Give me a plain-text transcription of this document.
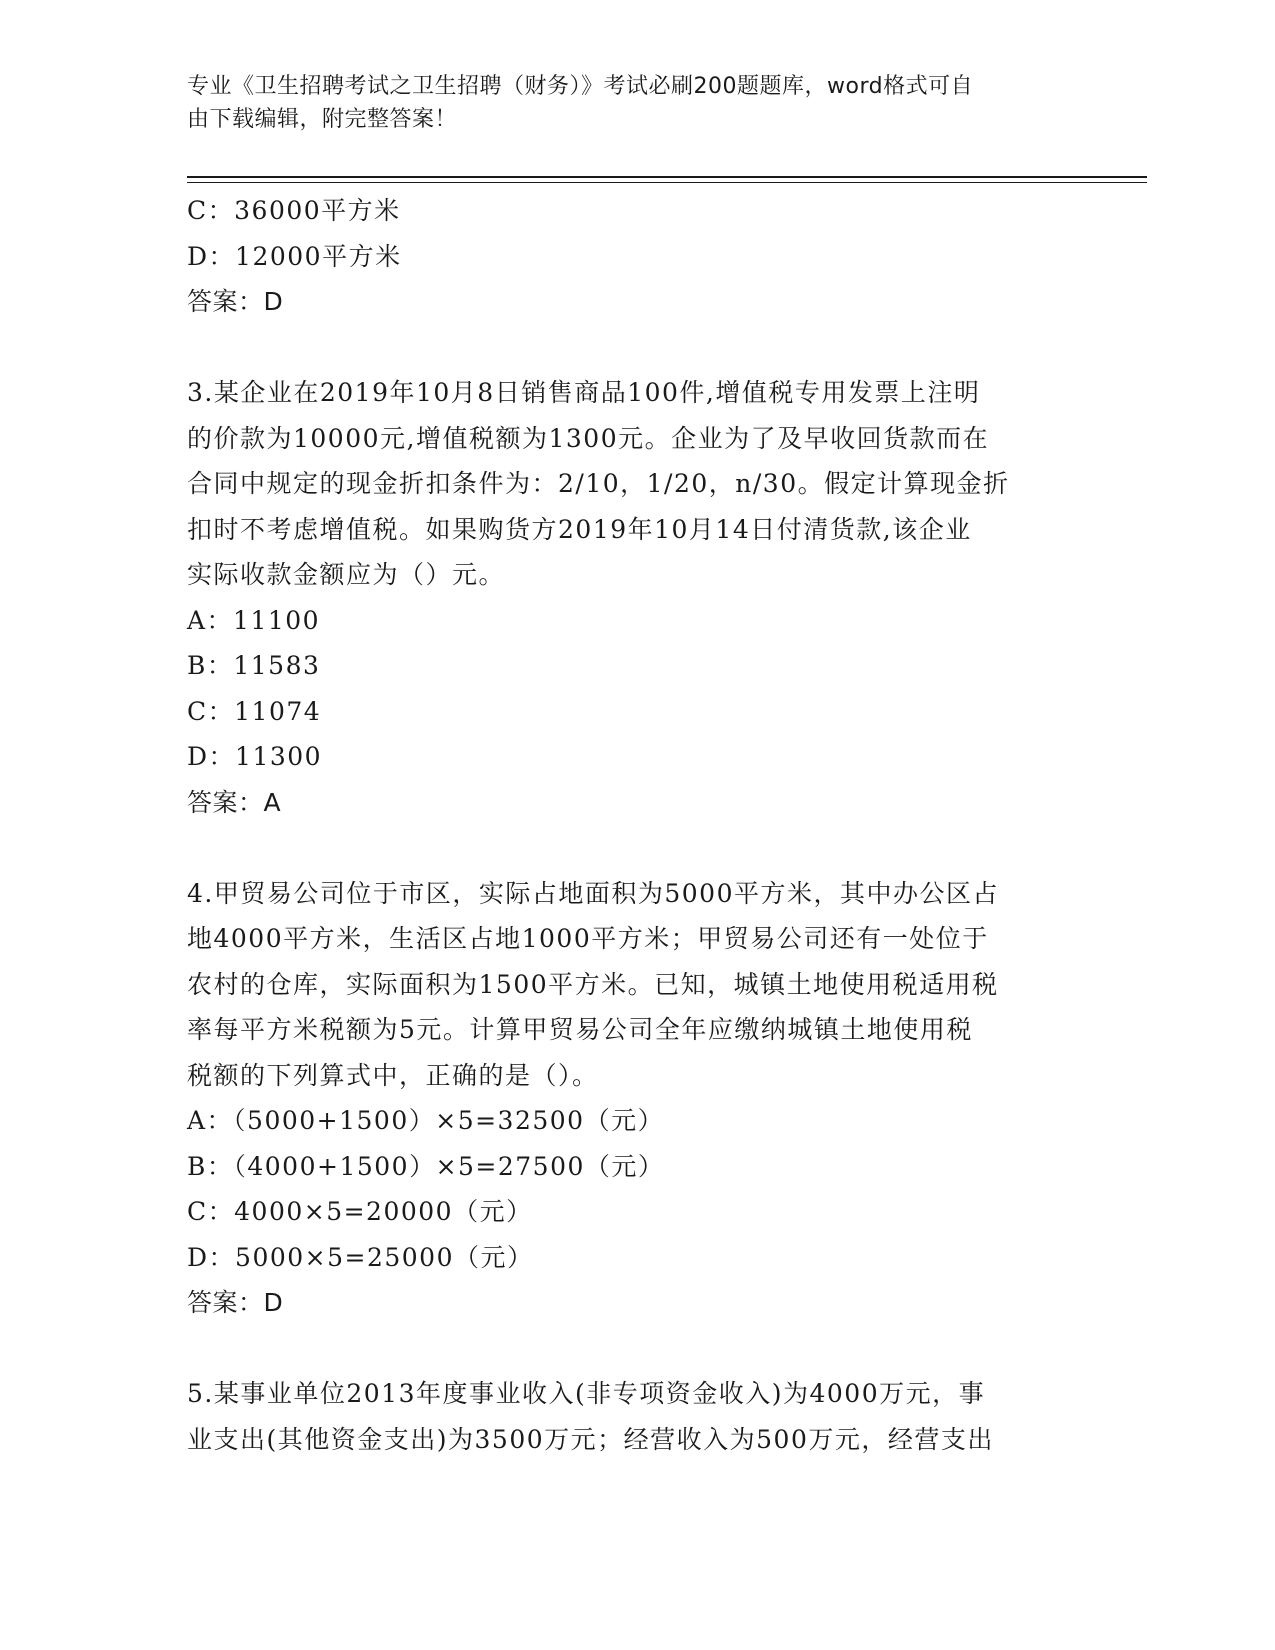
专业《卫生招聘考试之卫生招聘（财务）》考试必刷200题题库，word格式可自
由下载编辑，附完整答案！
C：36000平方米
D：12000平方米
答案：D
3.某企业在2019年10月8日销售商品100件,增值税专用发票上注明
的价款为10000元,增值税额为1300元。企业为了及早收回货款而在
合同中规定的现金折扣条件为：2/10，1/20，n/30。假定计算现金折
扣时不考虑增值税。如果购货方2019年10月14日付清货款,该企业
实际收款金额应为（）元。
A：11100
B：11583
C：11074
D：11300
答案：A
4.甲贸易公司位于市区，实际占地面积为5000平方米，其中办公区占
地4000平方米，生活区占地1000平方米；甲贸易公司还有一处位于
农村的仓库，实际面积为1500平方米。已知，城镇土地使用税适用税
率每平方米税额为5元。计算甲贸易公司全年应缴纳城镇土地使用税
税额的下列算式中，正确的是（）。
A：（5000+1500）×5=32500（元）
B：（4000+1500）×5=27500（元）
C：4000×5=20000（元）
D：5000×5=25000（元）
答案：D
5.某事业单位2013年度事业收入(非专项资金收入)为4000万元，事
业支出(其他资金支出)为3500万元；经营收入为500万元，经营支出
